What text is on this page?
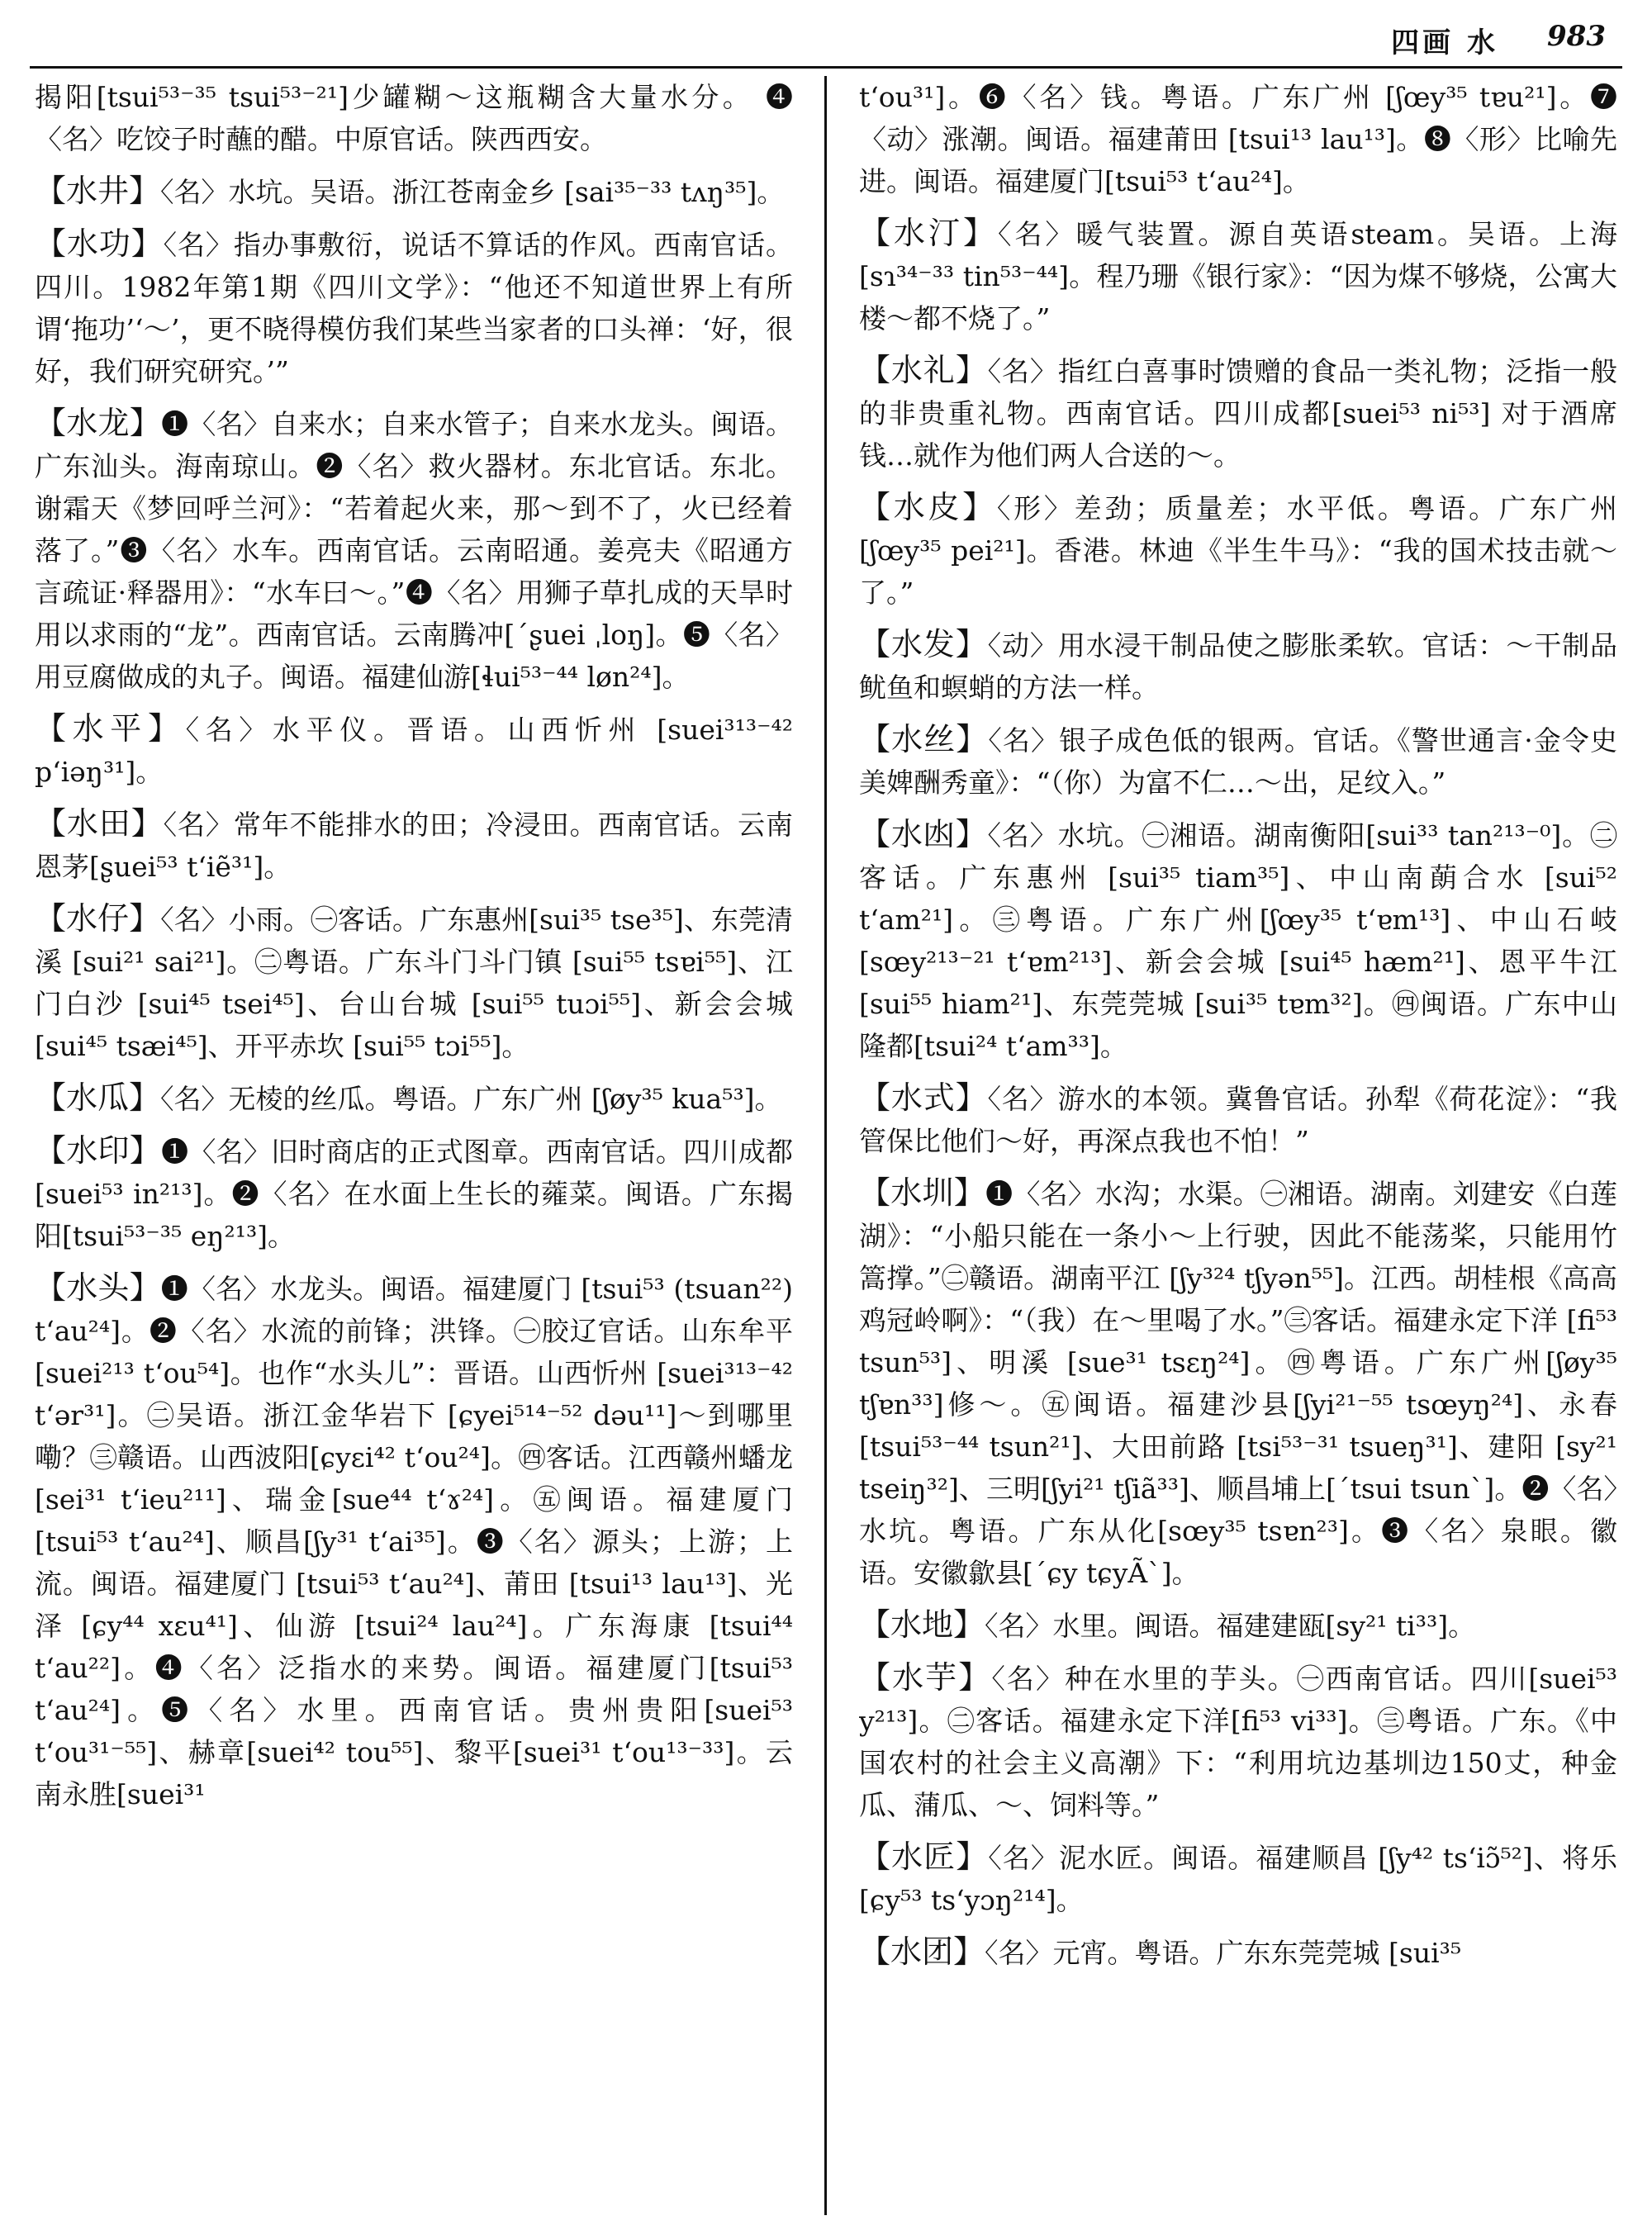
四画 水 983

揭阳[tsui⁵³⁻³⁵ tsui⁵³⁻²¹]少罐糊～这瓶糊含大量水分。 ❹〈名〉吃饺子时蘸的醋。中原官话。陕西西安。

【水井】〈名〉水坑。吴语。浙江苍南金乡 [sai³⁵⁻³³ tʌŋ³⁵]。

【水功】〈名〉指办事敷衍，说话不算话的作风。西南官话。四川。1982年第1期《四川文学》：“他还不知道世界上有所谓‘拖功’‘～’，更不晓得模仿我们某些当家者的口头禅：‘好，很好，我们研究研究。’”

【水龙】❶〈名〉自来水；自来水管子；自来水龙头。闽语。广东汕头。海南琼山。❷〈名〉救火器材。东北官话。东北。谢霜天《梦回呼兰河》：“若着起火来，那～到不了，火已经着落了。”❸〈名〉水车。西南官话。云南昭通。姜亮夫《昭通方言疏证·释器用》：“水车曰～。”❹〈名〉用狮子草扎成的天旱时用以求雨的“龙”。西南官话。云南腾冲[ˊʂuei ˌloŋ]。❺〈名〉用豆腐做成的丸子。闽语。福建仙游[ɬui⁵³⁻⁴⁴ løn²⁴]。

【水平】〈名〉水平仪。晋语。山西忻州 [suei³¹³⁻⁴² pʻiəŋ³¹]。

【水田】〈名〉常年不能排水的田；冷浸田。西南官话。云南恩茅[ʂuei⁵³ tʻiẽ³¹]。

【水仔】〈名〉小雨。㊀客话。广东惠州[sui³⁵ tse³⁵]、东莞清溪 [sui²¹ sai²¹]。㊁粤语。广东斗门斗门镇 [sui⁵⁵ tsɐi⁵⁵]、江门白沙 [sui⁴⁵ tsei⁴⁵]、台山台城 [sui⁵⁵ tuɔi⁵⁵]、新会会城 [sui⁴⁵ tsæi⁴⁵]、开平赤坎 [sui⁵⁵ tɔi⁵⁵]。

【水瓜】〈名〉无棱的丝瓜。粤语。广东广州 [ʃøy³⁵ kua⁵³]。

【水印】❶〈名〉旧时商店的正式图章。西南官话。四川成都[suei⁵³ in²¹³]。❷〈名〉在水面上生长的蕹菜。闽语。广东揭阳[tsui⁵³⁻³⁵ eŋ²¹³]。

【水头】❶〈名〉水龙头。闽语。福建厦门 [tsui⁵³ (tsuan²²) tʻau²⁴]。❷〈名〉水流的前锋；洪锋。㊀胶辽官话。山东牟平[suei²¹³ tʻou⁵⁴]。也作“水头儿”：晋语。山西忻州 [suei³¹³⁻⁴² tʻər³¹]。㊁吴语。浙江金华岩下 [ɕyei⁵¹⁴⁻⁵² dəu¹¹]～到哪里嘞？㊂赣语。山西波阳[ɕyɛi⁴² tʻou²⁴]。㊃客话。江西赣州蟠龙 [sei³¹ tʻieu²¹¹]、瑞金[sue⁴⁴ tʻɤ²⁴]。㊄闽语。福建厦门 [tsui⁵³ tʻau²⁴]、顺昌[ʃy³¹ tʻai³⁵]。❸〈名〉源头；上游；上流。闽语。福建厦门 [tsui⁵³ tʻau²⁴]、莆田 [tsui¹³ lau¹³]、光泽 [ɕy⁴⁴ xɛu⁴¹]、仙游 [tsui²⁴ lau²⁴]。广东海康 [tsui⁴⁴ tʻau²²]。❹〈名〉泛指水的来势。闽语。福建厦门[tsui⁵³ tʻau²⁴]。❺〈名〉水里。西南官话。贵州贵阳[suei⁵³ tʻou³¹⁻⁵⁵]、赫章[suei⁴² tou⁵⁵]、黎平[suei³¹ tʻou¹³⁻³³]。云南永胜[suei³¹

tʻou³¹]。❻〈名〉钱。粤语。广东广州 [ʃœy³⁵ tɐu²¹]。❼〈动〉涨潮。闽语。福建莆田 [tsui¹³ lau¹³]。❽〈形〉比喻先进。闽语。福建厦门[tsui⁵³ tʻau²⁴]。

【水汀】〈名〉暖气装置。源自英语steam。吴语。上海 [sɿ³⁴⁻³³ tin⁵³⁻⁴⁴]。程乃珊《银行家》：“因为煤不够烧，公寓大楼～都不烧了。”

【水礼】〈名〉指红白喜事时馈赠的食品一类礼物；泛指一般的非贵重礼物。西南官话。四川成都[suei⁵³ ni⁵³] 对于酒席钱…就作为他们两人合送的～。

【水皮】〈形〉差劲；质量差；水平低。粤语。广东广州 [ʃœy³⁵ pei²¹]。香港。林迪《半生牛马》：“我的国术技击就～了。”

【水发】〈动〉用水浸干制品使之膨胀柔软。官话：～干制品鱿鱼和螟蛸的方法一样。

【水丝】〈名〉银子成色低的银两。官话。《警世通言·金令史美婢酬秀童》：“（你）为富不仁…～出，足纹入。”

【水凼】〈名〉水坑。㊀湘语。湖南衡阳[sui³³ tan²¹³⁻⁰]。㊁客话。广东惠州 [sui³⁵ tiam³⁵]、中山南蓢合水 [sui⁵² tʻam²¹]。㊂粤语。广东广州[ʃœy³⁵ tʻɐm¹³]、中山石岐 [sœy²¹³⁻²¹ tʻɐm²¹³]、新会会城 [sui⁴⁵ hæm²¹]、恩平牛江[sui⁵⁵ hiam²¹]、东莞莞城 [sui³⁵ tɐm³²]。㊃闽语。广东中山隆都[tsui²⁴ tʻam³³]。

【水式】〈名〉游水的本领。冀鲁官话。孙犁《荷花淀》：“我管保比他们～好，再深点我也不怕！”

【水圳】❶〈名〉水沟；水渠。㊀湘语。湖南。刘建安《白莲湖》：“小船只能在一条小～上行驶，因此不能荡桨，只能用竹篙撑。”㊁赣语。湖南平江 [ʃy³²⁴ tʃyən⁵⁵]。江西。胡桂根《高高鸡冠岭啊》：“（我）在～里喝了水。”㊂客话。福建永定下洋 [fi⁵³ tsun⁵³]、明溪 [sue³¹ tsɛŋ²⁴]。㊃粤语。广东广州[ʃøy³⁵ tʃɐn³³]修～。㊄闽语。福建沙县[ʃyi²¹⁻⁵⁵ tsœyŋ²⁴]、永春[tsui⁵³⁻⁴⁴ tsun²¹]、大田前路 [tsi⁵³⁻³¹ tsueŋ³¹]、建阳 [sy²¹ tseiŋ³²]、三明[ʃyi²¹ tʃiã³³]、顺昌埔上[ˊtsui tsunˋ]。❷〈名〉水坑。粤语。广东从化[sœy³⁵ tsɐn²³]。❸〈名〉泉眼。徽语。安徽歙县[ˊɕy tɕyÃˋ]。

【水地】〈名〉水里。闽语。福建建瓯[sy²¹ ti³³]。

【水芋】〈名〉种在水里的芋头。㊀西南官话。四川[suei⁵³ y²¹³]。㊁客话。福建永定下洋[fi⁵³ vi³³]。㊂粤语。广东。《中国农村的社会主义高潮》下：“利用坑边基圳边150丈，种金瓜、蒲瓜、～、饲料等。”

【水匠】〈名〉泥水匠。闽语。福建顺昌 [ʃy⁴² tsʻiɔ̃⁵²]、将乐[ɕy⁵³ tsʻyɔŋ²¹⁴]。

【水团】〈名〉元宵。粤语。广东东莞莞城 [sui³⁵
